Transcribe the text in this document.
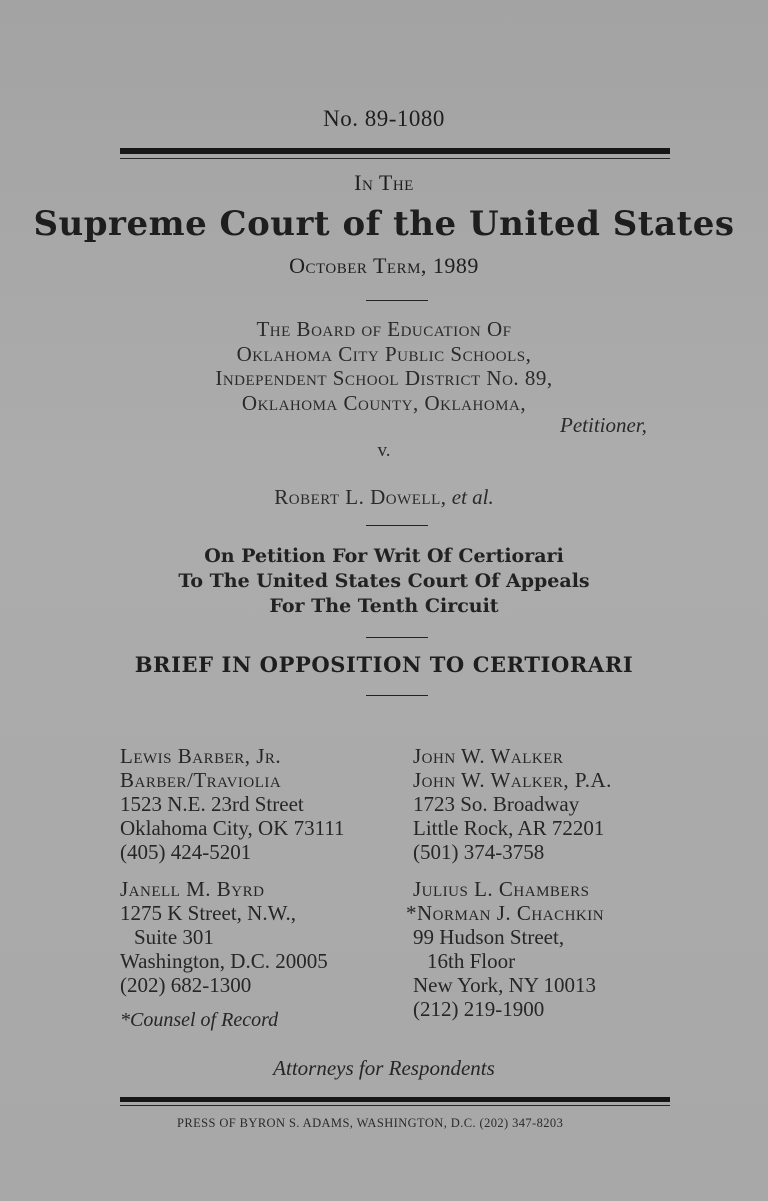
No. 89-1080
In The
Supreme Court of the United States
October Term, 1989
The Board of Education Of
Oklahoma City Public Schools,
Independent School District No. 89,
Oklahoma County, Oklahoma,
Petitioner,
v.
Robert L. Dowell, et al.
On Petition For Writ Of Certiorari
To The United States Court Of Appeals
For The Tenth Circuit
BRIEF IN OPPOSITION TO CERTIORARI
Lewis Barber, Jr.
Barber/Traviolia
1523 N.E. 23rd Street
Oklahoma City, OK 73111
(405) 424-5201
Janell M. Byrd
1275 K Street, N.W.,
Suite 301
Washington, D.C. 20005
(202) 682-1300
*Counsel of Record
John W. Walker
John W. Walker, P.A.
1723 So. Broadway
Little Rock, AR 72201
(501) 374-3758
Julius L. Chambers
*Norman J. Chachkin
99 Hudson Street,
16th Floor
New York, NY 10013
(212) 219-1900
Attorneys for Respondents
PRESS OF BYRON S. ADAMS, WASHINGTON, D.C. (202) 347-8203
